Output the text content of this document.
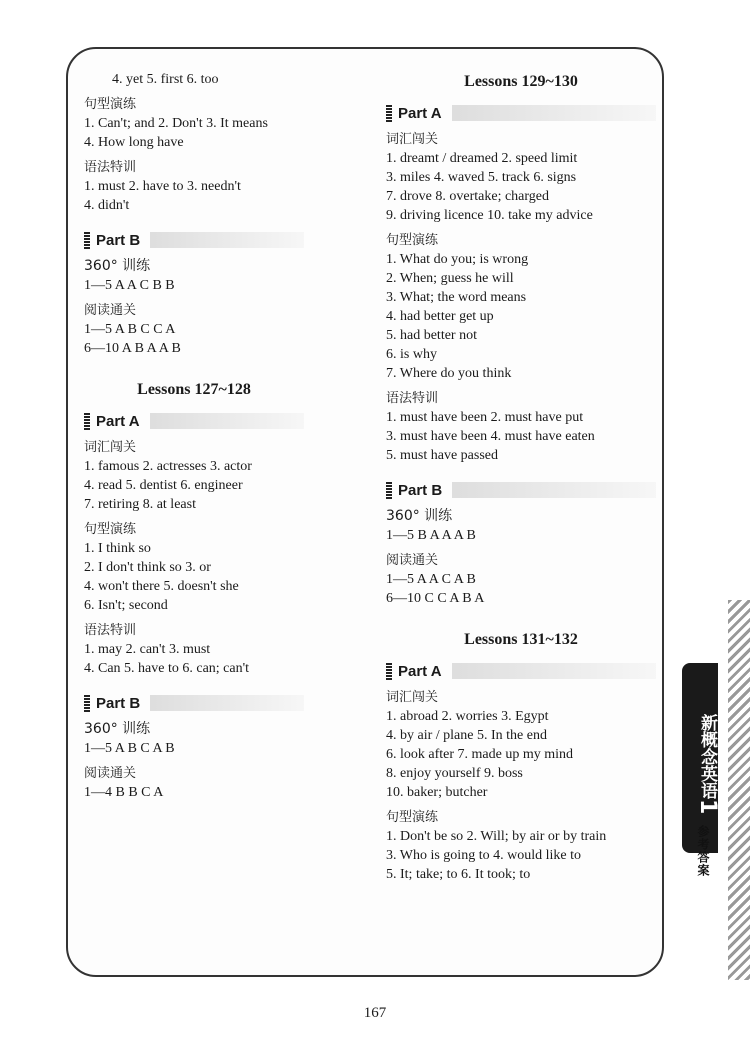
4. yet 5. first 6. too
句型演练
1. Can't; and 2. Don't 3. It means
4. How long have
语法特训
1. must 2. have to 3. needn't
4. didn't
Part B
360° 训练
1—5 A A C B B
阅读通关
1—5 A B C C A
6—10 A B A A B
Lessons 127~128
Part A
词汇闯关
1. famous 2. actresses 3. actor
4. read 5. dentist 6. engineer
7. retiring 8. at least
句型演练
1. I think so
2. I don't think so 3. or
4. won't there 5. doesn't she
6. Isn't; second
语法特训
1. may 2. can't 3. must
4. Can 5. have to 6. can; can't
Part B
360° 训练
1—5 A B C A B
阅读通关
1—4 B B C A
Lessons 129~130
Part A
词汇闯关
1. dreamt / dreamed 2. speed limit
3. miles 4. waved 5. track 6. signs
7. drove 8. overtake; charged
9. driving licence 10. take my advice
句型演练
1. What do you; is wrong
2. When; guess he will
3. What; the word means
4. had better get up
5. had better not
6. is why
7. Where do you think
语法特训
1. must have been 2. must have put
3. must have been 4. must have eaten
5. must have passed
Part B
360° 训练
1—5 B A A A B
阅读通关
1—5 A A C A B
6—10 C C A B A
Lessons 131~132
Part A
词汇闯关
1. abroad 2. worries 3. Egypt
4. by air / plane 5. In the end
6. look after 7. made up my mind
8. enjoy yourself 9. boss
10. baker; butcher
句型演练
1. Don't be so 2. Will; by air or by train
3. Who is going to 4. would like to
5. It; take; to 6. It took; to
新概念英语1
参考答案
167
